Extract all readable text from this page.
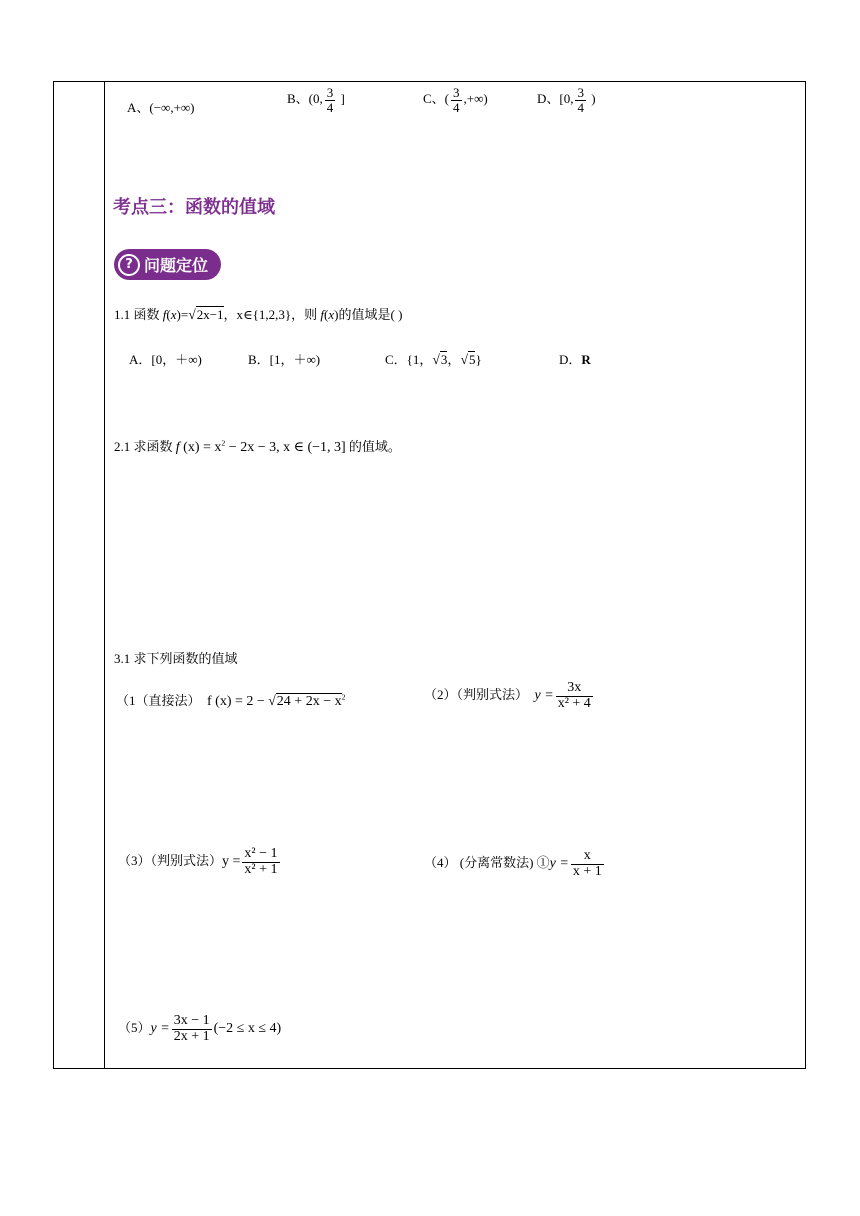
A、(−∞,+∞)
B、(0, $\frac{3}{4}$ ]	C、( $\frac{3}{4}$ ,+∞)	D、[0, $\frac{3}{4}$ )
考点三：函数的值域
? 问题定位
1.1 函数 f(x)=√2x−1，x∈{1,2,3}，则 f(x)的值域是( )
A．[0，＋∞)	B．[1，＋∞)	C．{1，√3，√5}	D．R
2.1 求函数 f $(x) = x^2 - 2x - 3$, x ∈ (−1, 3] 的值域。
3.1 求下列函数的值域
（1（直接法） f $(x) = 2 - √24 + 2x - x^2$	（2）（判别式法） $y = \frac{3x}{\text{x² + 4}}$
（3）（判别式法）$y = \frac{\text{x² − 1}}{\text{x² + 1}}$	（4） (分离常数法) ①y = $\frac{x}{x + 1}$
$(5)y = \frac{3x - 1}{2x + 1} (-2 \le x \le 4)$
